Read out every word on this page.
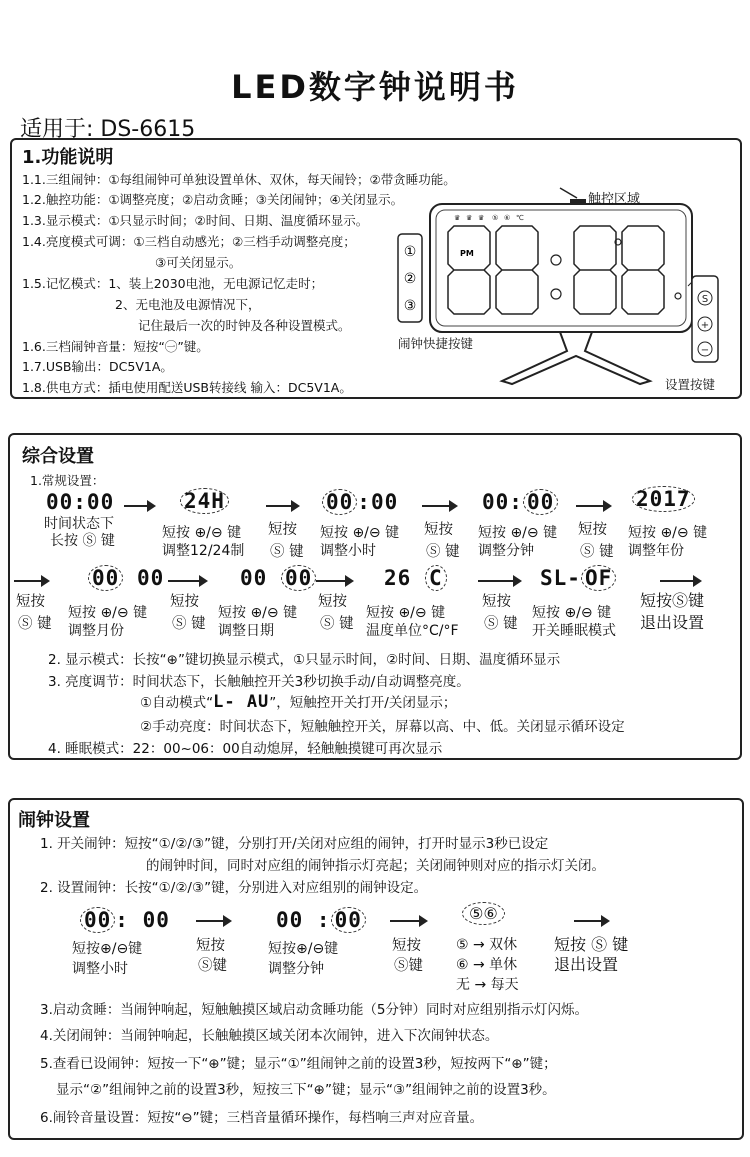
LED数字钟说明书
适用于: DS-6615
1.功能说明
1.1.三组闹钟：①每组闹钟可单独设置单休、双休，每天闹铃；②带贪睡功能。
1.2.触控功能：①调整亮度；②启动贪睡；③关闭闹钟；④关闭显示。
1.3.显示模式：①只显示时间；②时间、日期、温度循环显示。
1.4.亮度模式可调：①三档自动感光；②三档手动调整亮度；
③可关闭显示。
1.5.记忆模式：1、装上2030电池，无电源记忆走时；
2、无电池及电源情况下，
记住最后一次的时钟及各种设置模式。
1.6.三档闹钟音量：短按“㊀”键。
1.7.USB输出：DC5V1A。
1.8.供电方式：插电使用配送USB转接线 输入：DC5V1A。
♛ ♛ ♛ ⑤ ⑥ ℃
PM
①
②
③	S
+
−
触控区域
闹钟快捷按键
设置按键
综合设置
1.常规设置：
00:00
时间状态下
长按 Ⓢ 键
24H
短按 ⊕/⊖ 键
调整12/24制
短按
Ⓢ 键
00 :00
短按 ⊕/⊖ 键
调整小时
短按
Ⓢ 键
00: 00
短按 ⊕/⊖ 键
调整分钟
短按
Ⓢ 键
2017
短按 ⊕/⊖ 键
调整年份
短按
Ⓢ 键
00 00
短按 ⊕/⊖ 键
调整月份
短按
Ⓢ 键
00 00
短按 ⊕/⊖ 键
调整日期
短按
Ⓢ 键
26 C
短按 ⊕/⊖ 键
温度单位°C/°F
短按
Ⓢ 键
SL- OF
短按 ⊕/⊖ 键
开关睡眠模式
短按Ⓢ键
退出设置
2. 显示模式：长按“⊕”键切换显示模式，①只显示时间，②时间、日期、温度循环显示
3. 亮度调节：时间状态下，长触触控开关3秒切换手动/自动调整亮度。
①自动模式“L- AU”，短触控开关打开/关闭显示；
②手动亮度：时间状态下，短触触控开关，屏幕以高、中、低。关闭显示循环设定
4. 睡眠模式：22：00~06：00自动熄屏，轻触触摸键可再次显示
闹钟设置
1. 开关闹钟：短按“①/②/③”键，分别打开/关闭对应组的闹钟，打开时显示3秒已设定
的闹钟时间，同时对应组的闹钟指示灯亮起；关闭闹钟则对应的指示灯关闭。
2. 设置闹钟：长按“①/②/③”键，分别进入对应组别的闹钟设定。
00 : 00
短按⊕/⊖键
调整小时
短按
Ⓢ键
00 : 00
短按⊕/⊖键
调整分钟
短按
Ⓢ键
⑤⑥
⑤ → 双休
⑥ → 单休
无 → 每天
短按 Ⓢ 键
退出设置
3.启动贪睡：当闹钟响起，短触触摸区域启动贪睡功能（5分钟）同时对应组别指示灯闪烁。
4.关闭闹钟：当闹钟响起，长触触摸区域关闭本次闹钟，进入下次闹钟状态。
5.查看已设闹钟：短按一下“⊕”键；显示“①”组闹钟之前的设置3秒，短按两下“⊕”键；
显示“②”组闹钟之前的设置3秒，短按三下“⊕”键；显示“③”组闹钟之前的设置3秒。
6.闹铃音量设置：短按“⊖”键；三档音量循环操作，每档响三声对应音量。
